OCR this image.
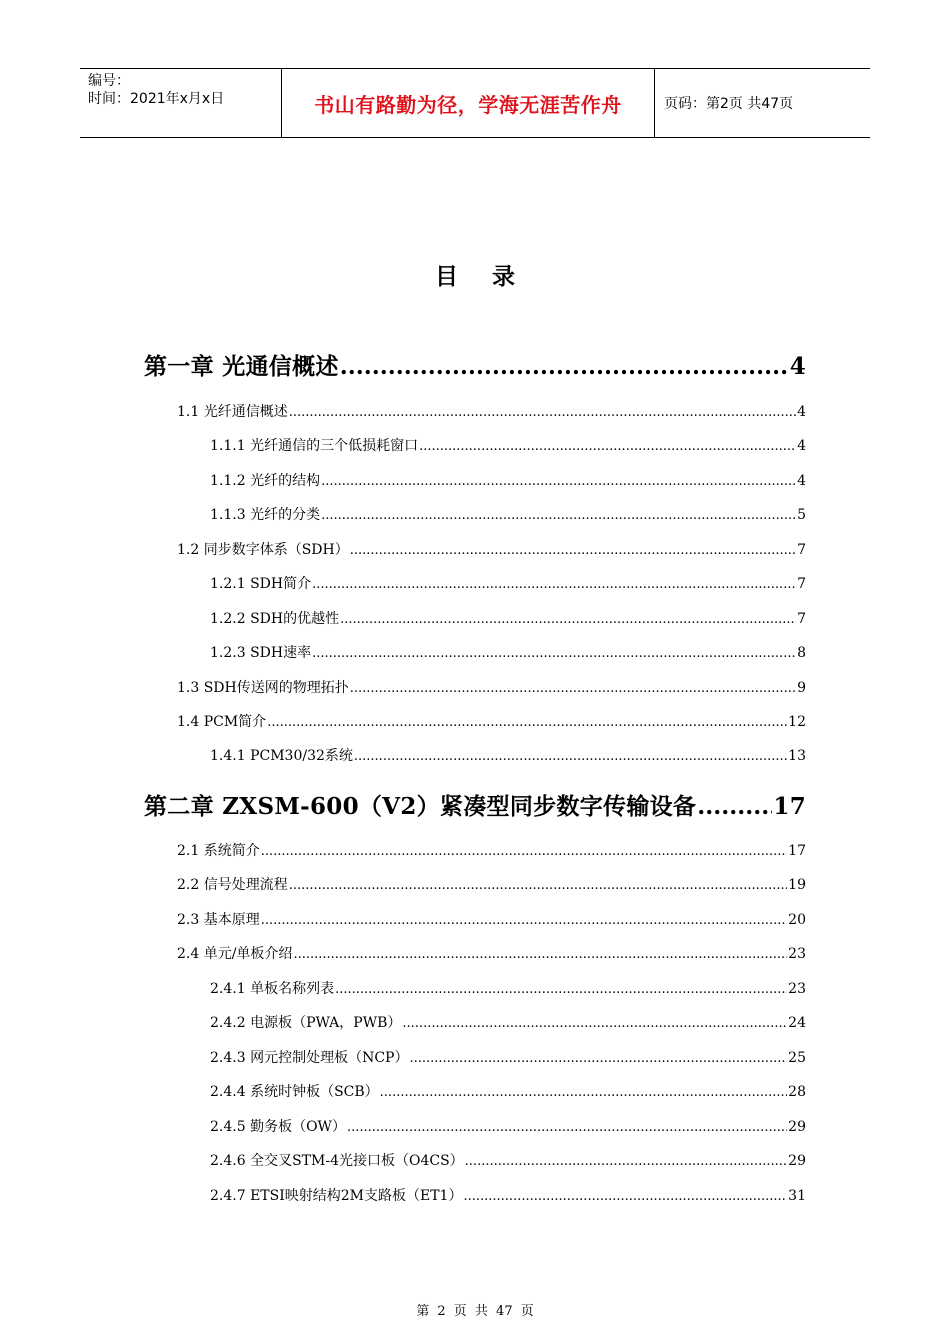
编号：
时间：2021年x月x日	书山有路勤为径，学海无涯苦作舟	页码：第2页 共47页
目录
第一章 光通信概述 .....	4
1.1 光纤通信概述 .....	4
1.1.1 光纤通信的三个低损耗窗口 .....	4
1.1.2 光纤的结构 .....	4
1.1.3 光纤的分类 .....	5
1.2 同步数字体系（SDH） .....	7
1.2.1 SDH简介 .....	7
1.2.2 SDH的优越性 .....	7
1.2.3 SDH速率 .....	8
1.3 SDH传送网的物理拓扑 .....	9
1.4 PCM简介 .....	12
1.4.1 PCM30/32系统 .....	13
第二章 ZXSM-600（V2）紧凑型同步数字传输设备 .....	17
2.1 系统简介 .....	17
2.2 信号处理流程 .....	19
2.3 基本原理 .....	20
2.4 单元/单板介绍 .....	23
2.4.1 单板名称列表 .....	23
2.4.2 电源板（PWA，PWB） .....	24
2.4.3 网元控制处理板（NCP） .....	25
2.4.4 系统时钟板（SCB） .....	28
2.4.5 勤务板（OW） .....	29
2.4.6 全交叉STM-4光接口板（O4CS） .....	29
2.4.7 ETSI映射结构2M支路板（ET1） .....	31
第 2 页 共 47 页
